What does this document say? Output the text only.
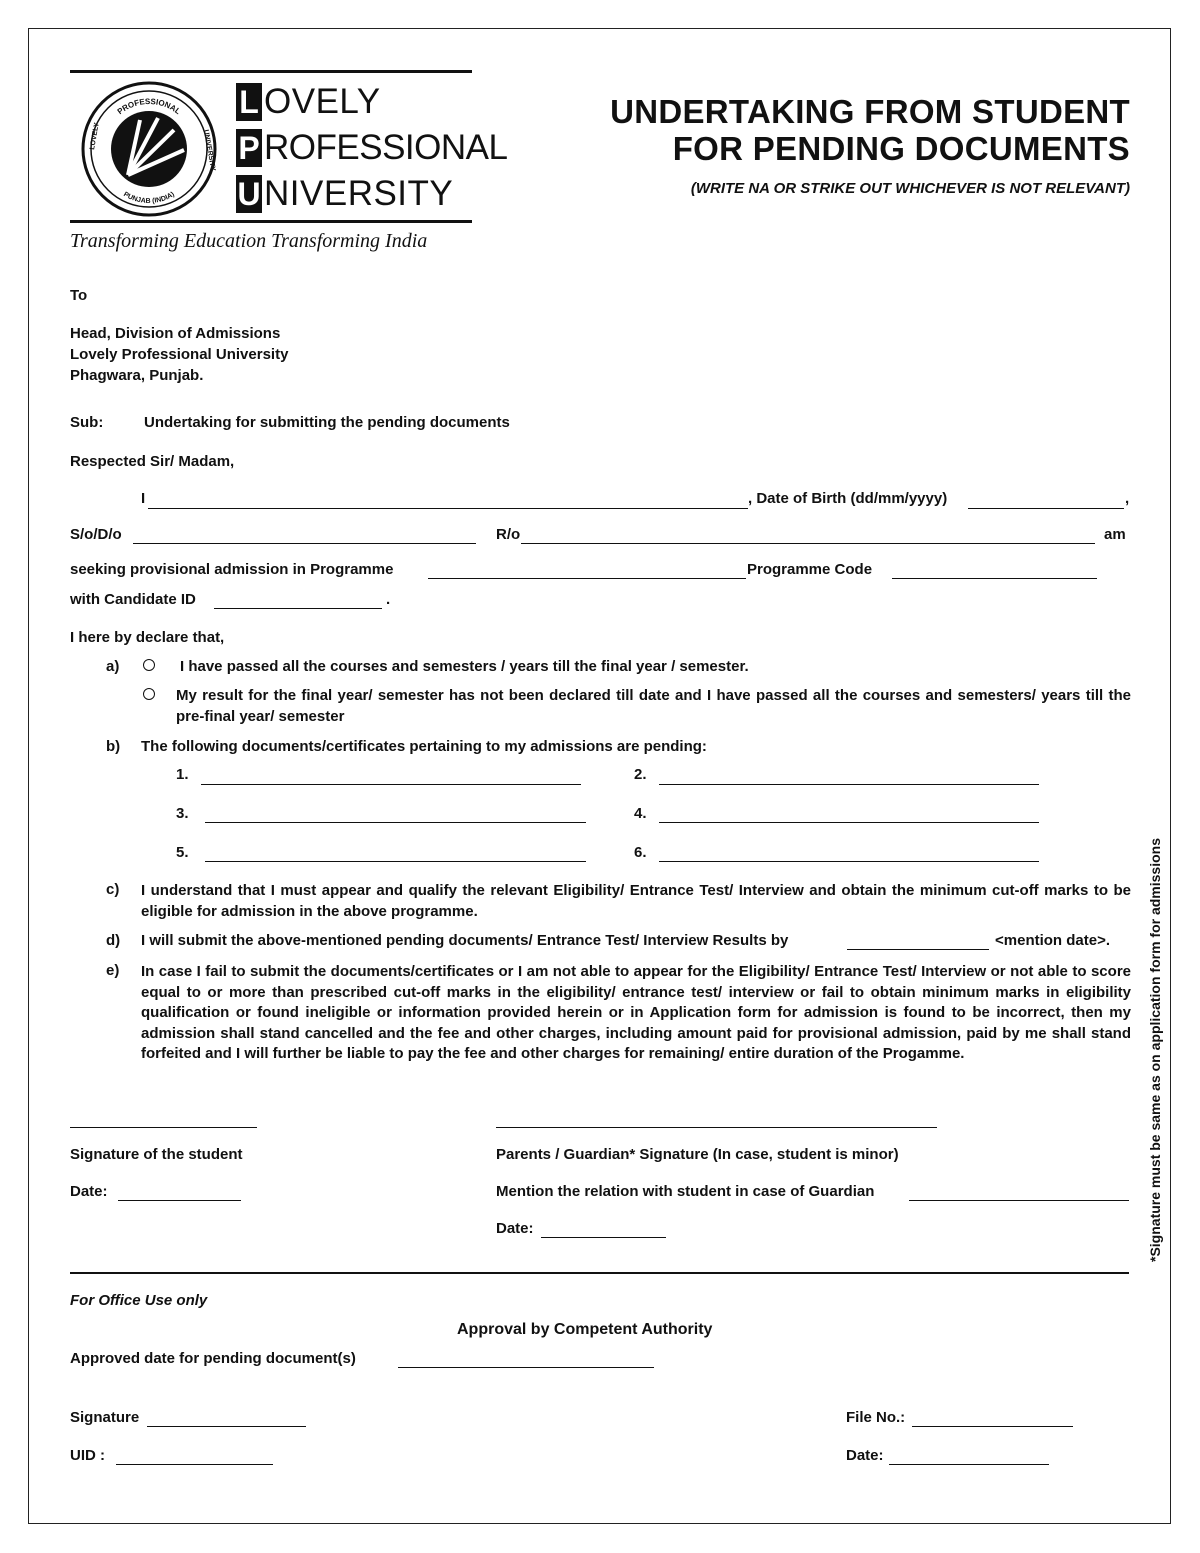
PROFESSIONAL
PUNJAB (INDIA)
LOVELY	UNIVERSITY
L OVELY
P ROFESSIONAL
U NIVERSITY
Transforming Education Transforming India
UNDERTAKING FROM STUDENT
FOR PENDING DOCUMENTS
(WRITE NA OR STRIKE OUT WHICHEVER IS NOT RELEVANT)
To
Head, Division of Admissions
Lovely Professional University
Phagwara, Punjab.
Sub:	Undertaking for submitting the pending documents
Respected Sir/ Madam,
I	, Date of Birth (dd/mm/yyyy)	,
S/o/D/o	R/o	am
seeking provisional admission in Programme	Programme Code
with Candidate ID	.
I here by declare that,
a)	I have passed all the courses and semesters / years till the final year / semester.
My result for the final year/ semester has not been declared till date and I have passed all the courses and semesters/ years till the pre-final year/ semester
b) The following documents/certificates pertaining to my admissions are pending:
1.	2.
3.	4.
5.	6.
c) I understand that I must appear and qualify the relevant Eligibility/ Entrance Test/ Interview and obtain the minimum cut-off marks to be eligible for admission in the above programme.
d) I will submit the above-mentioned pending documents/ Entrance Test/ Interview Results by	<mention date>.
e) In case I fail to submit the documents/certificates or I am not able to appear for the Eligibility/ Entrance Test/ Interview or not able to score equal to or more than prescribed cut-off marks in the eligibility/ entrance test/ interview or fail to obtain minimum marks in eligibility qualification or found ineligible or information provided herein or in Application form for admission is found to be incorrect, then my admission shall stand cancelled and the fee and other charges, including amount paid for provisional admission, paid by me shall stand forfeited and I will further be liable to pay the fee and other charges for remaining/ entire duration of the Progamme.
Signature of the student	Parents / Guardian* Signature (In case, student is minor)
Date:	Mention the relation with student in case of Guardian
Date:
For Office Use only
Approval by Competent Authority
Approved date for pending document(s)
Signature	File No.:
UID :	Date:
*Signature must be same as on application form for admissions
